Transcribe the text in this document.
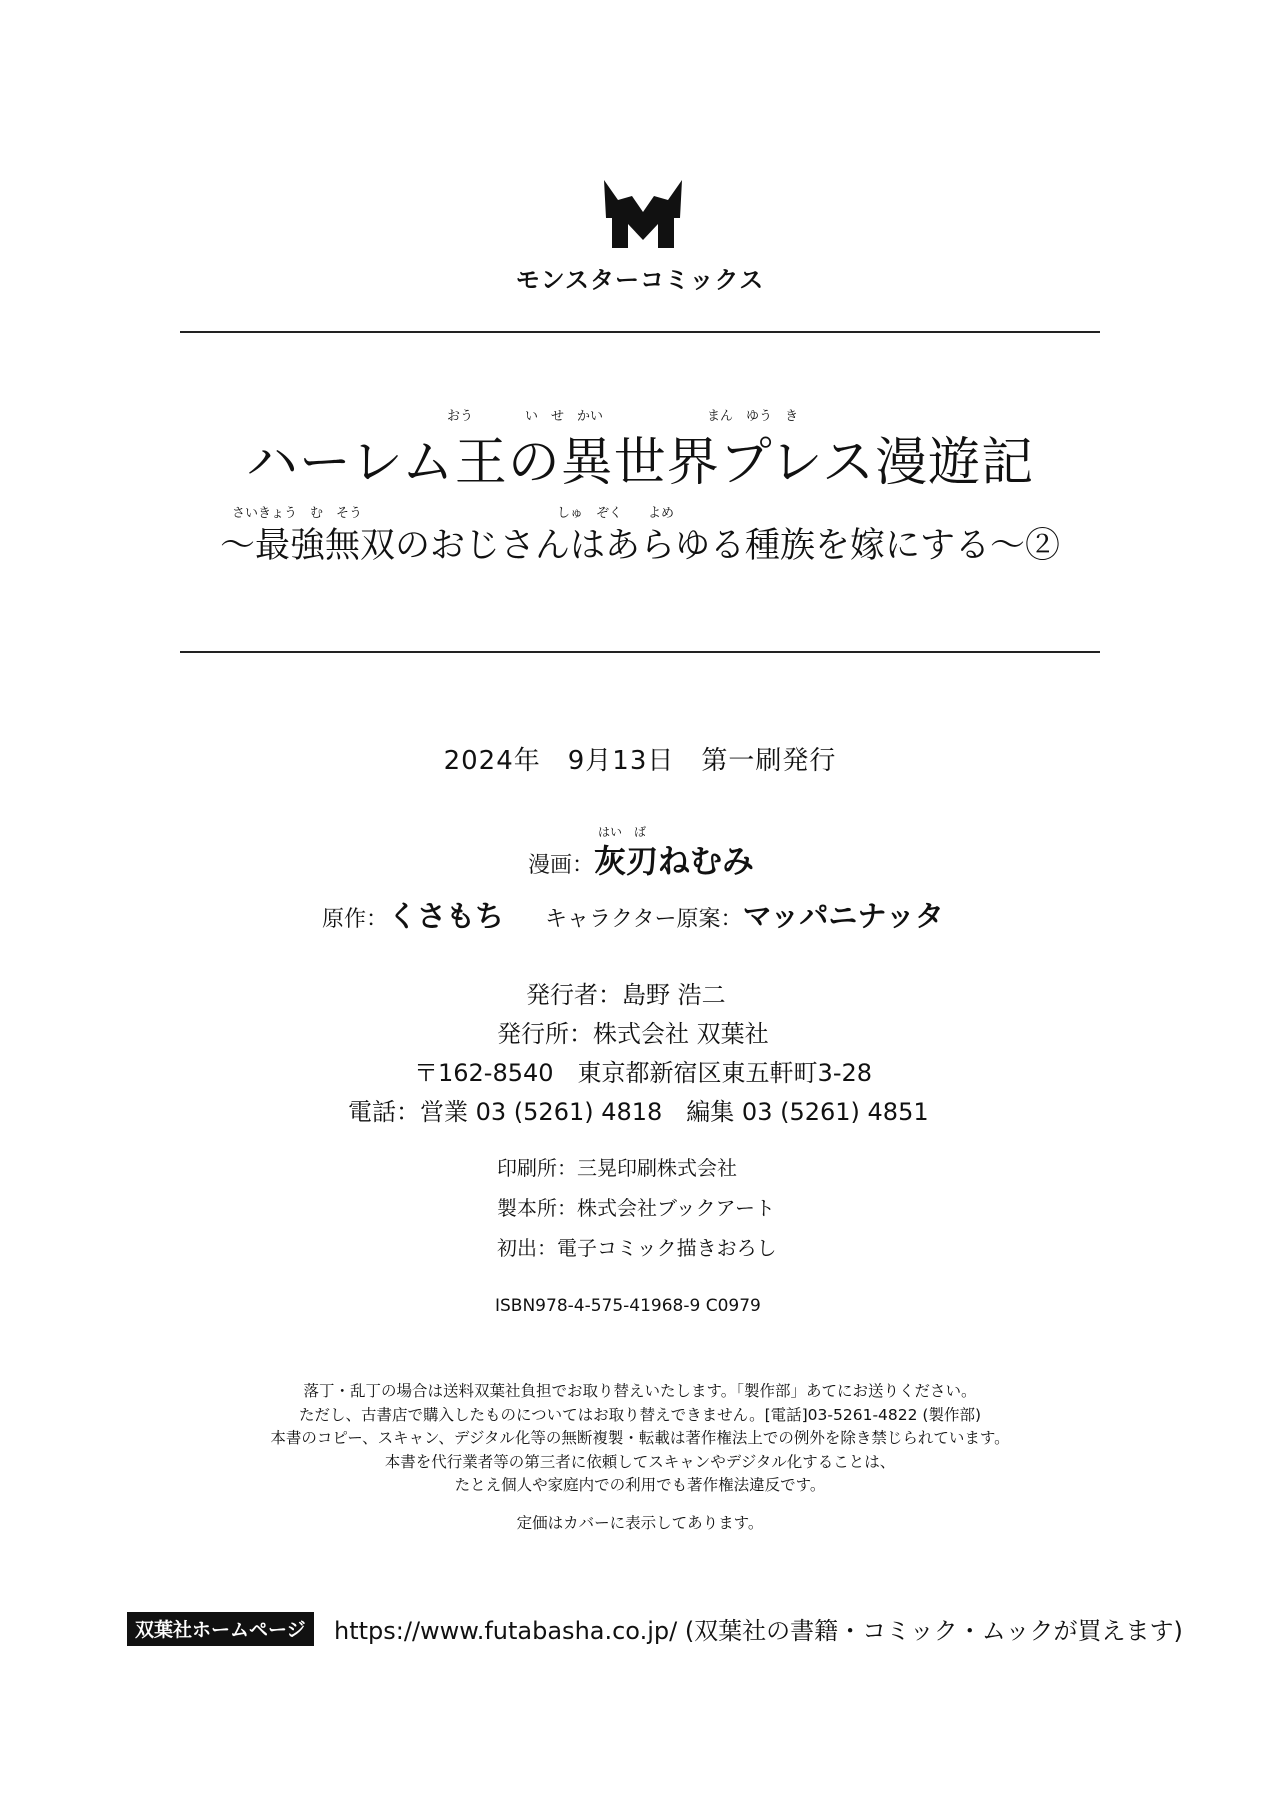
モンスターコミックス
おう　　　　い　せ　かい　　　　　　　　まん　ゆう　き
ハーレム王の異世界プレス漫遊記
さいきょう　む　そう　　　　　　　　　　　　　　　しゅ　ぞく　　よめ
〜最強無双のおじさんはあらゆる種族を嫁にする〜②
2024年　9月13日　第一刷発行
はい　ば
漫画：灰刃ねむみ
原作：くさもち キャラクター原案：マッパニナッタ
発行者：島野 浩二
発行所：株式会社 双葉社
〒162-8540　東京都新宿区東五軒町3-28
電話：営業 03 (5261) 4818　編集 03 (5261) 4851
印刷所：三晃印刷株式会社
製本所：株式会社ブックアート
初出：電子コミック描きおろし
ISBN978-4-575-41968-9 C0979
落丁・乱丁の場合は送料双葉社負担でお取り替えいたします。「製作部」あてにお送りください。
ただし、古書店で購入したものについてはお取り替えできません。[電話]03-5261-4822 (製作部)
本書のコピー、スキャン、デジタル化等の無断複製・転載は著作権法上での例外を除き禁じられています。
本書を代行業者等の第三者に依頼してスキャンやデジタル化することは、
たとえ個人や家庭内での利用でも著作権法違反です。
定価はカバーに表示してあります。
双葉社ホームページ	https://www.futabasha.co.jp/ (双葉社の書籍・コミック・ムックが買えます)
